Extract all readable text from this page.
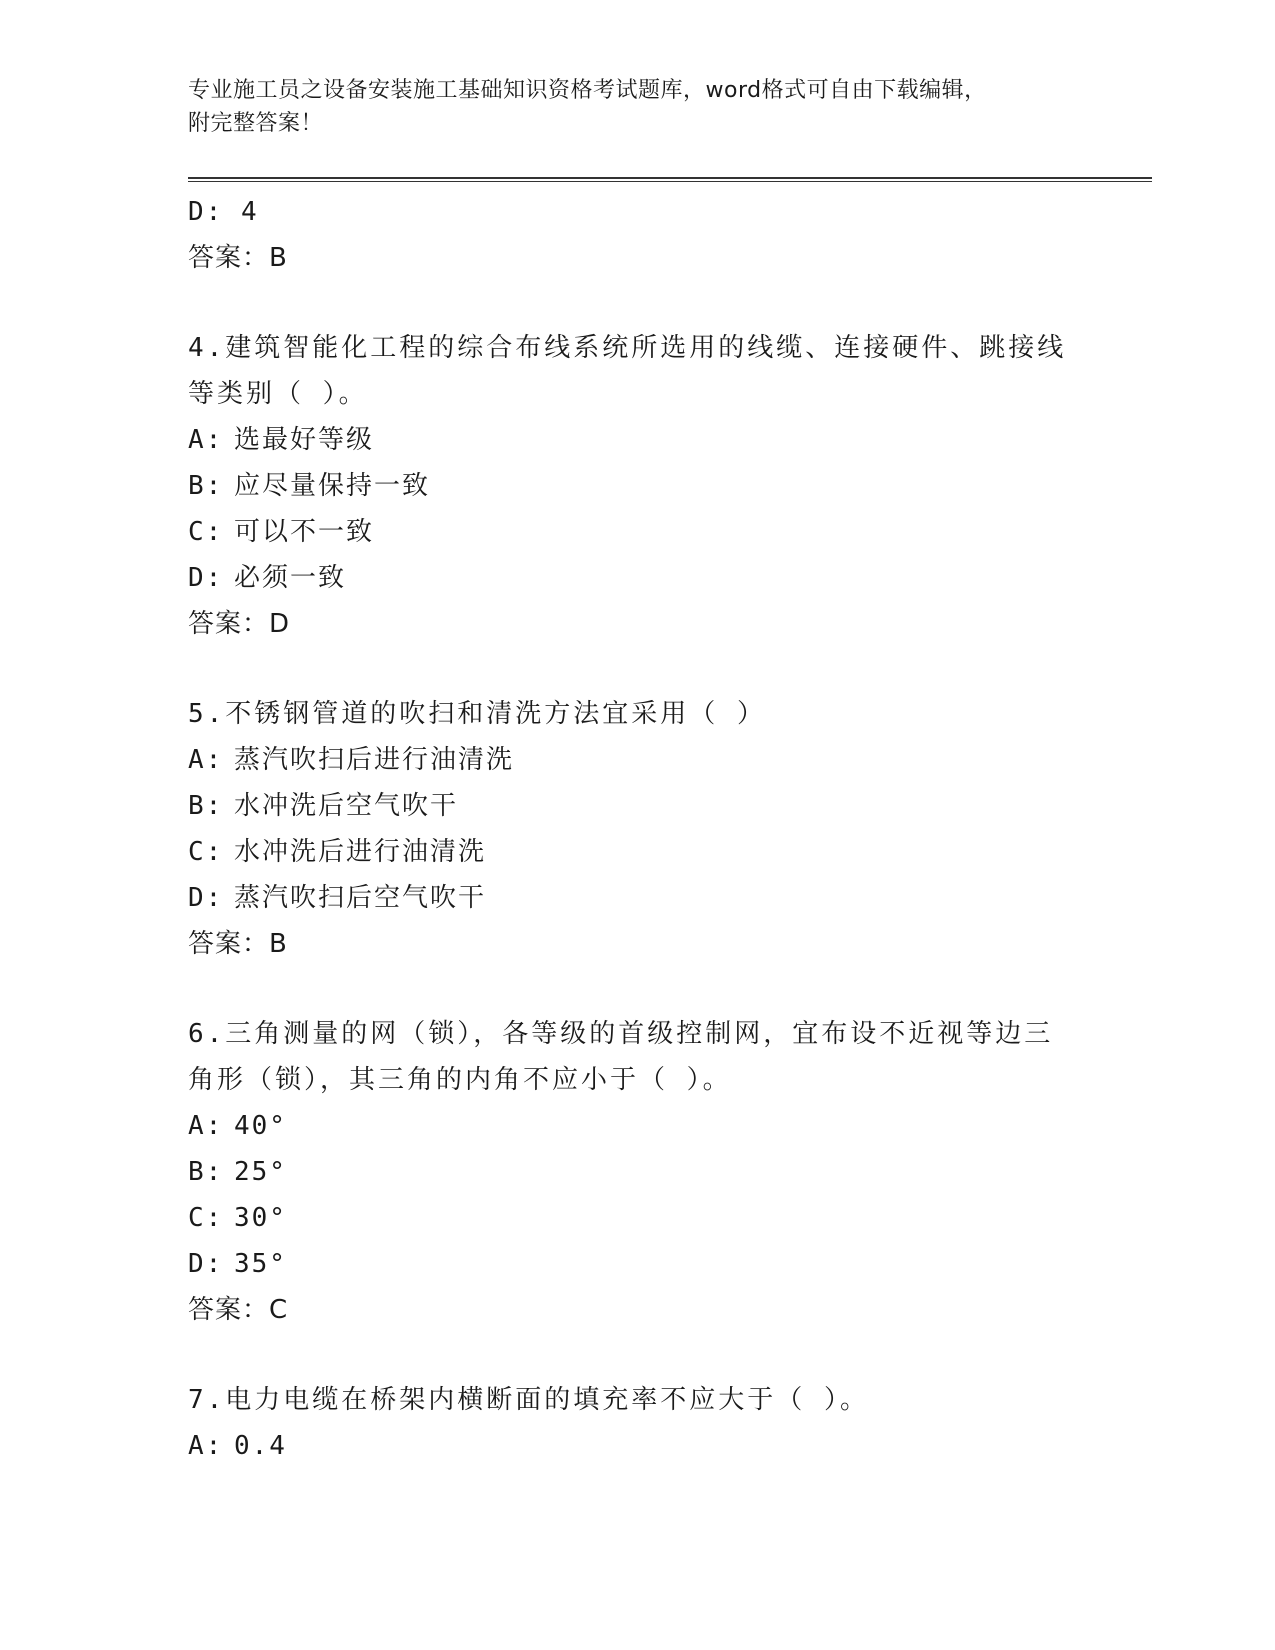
专业施工员之设备安装施工基础知识资格考试题库，word格式可自由下载编辑，
附完整答案！
D: 4
答案：B
4.建筑智能化工程的综合布线系统所选用的线缆、连接硬件、跳接线
等类别（ ）。
A: 选最好等级
B: 应尽量保持一致
C: 可以不一致
D: 必须一致
答案：D
5.不锈钢管道的吹扫和清洗方法宜采用（ ）
A: 蒸汽吹扫后进行油清洗
B: 水冲洗后空气吹干
C: 水冲洗后进行油清洗
D: 蒸汽吹扫后空气吹干
答案：B
6.三角测量的网（锁），各等级的首级控制网，宜布设不近视等边三
角形（锁），其三角的内角不应小于（ ）。
A: 40°
B: 25°
C: 30°
D: 35°
答案：C
7.电力电缆在桥架内横断面的填充率不应大于（ ）。
A: 0.4
